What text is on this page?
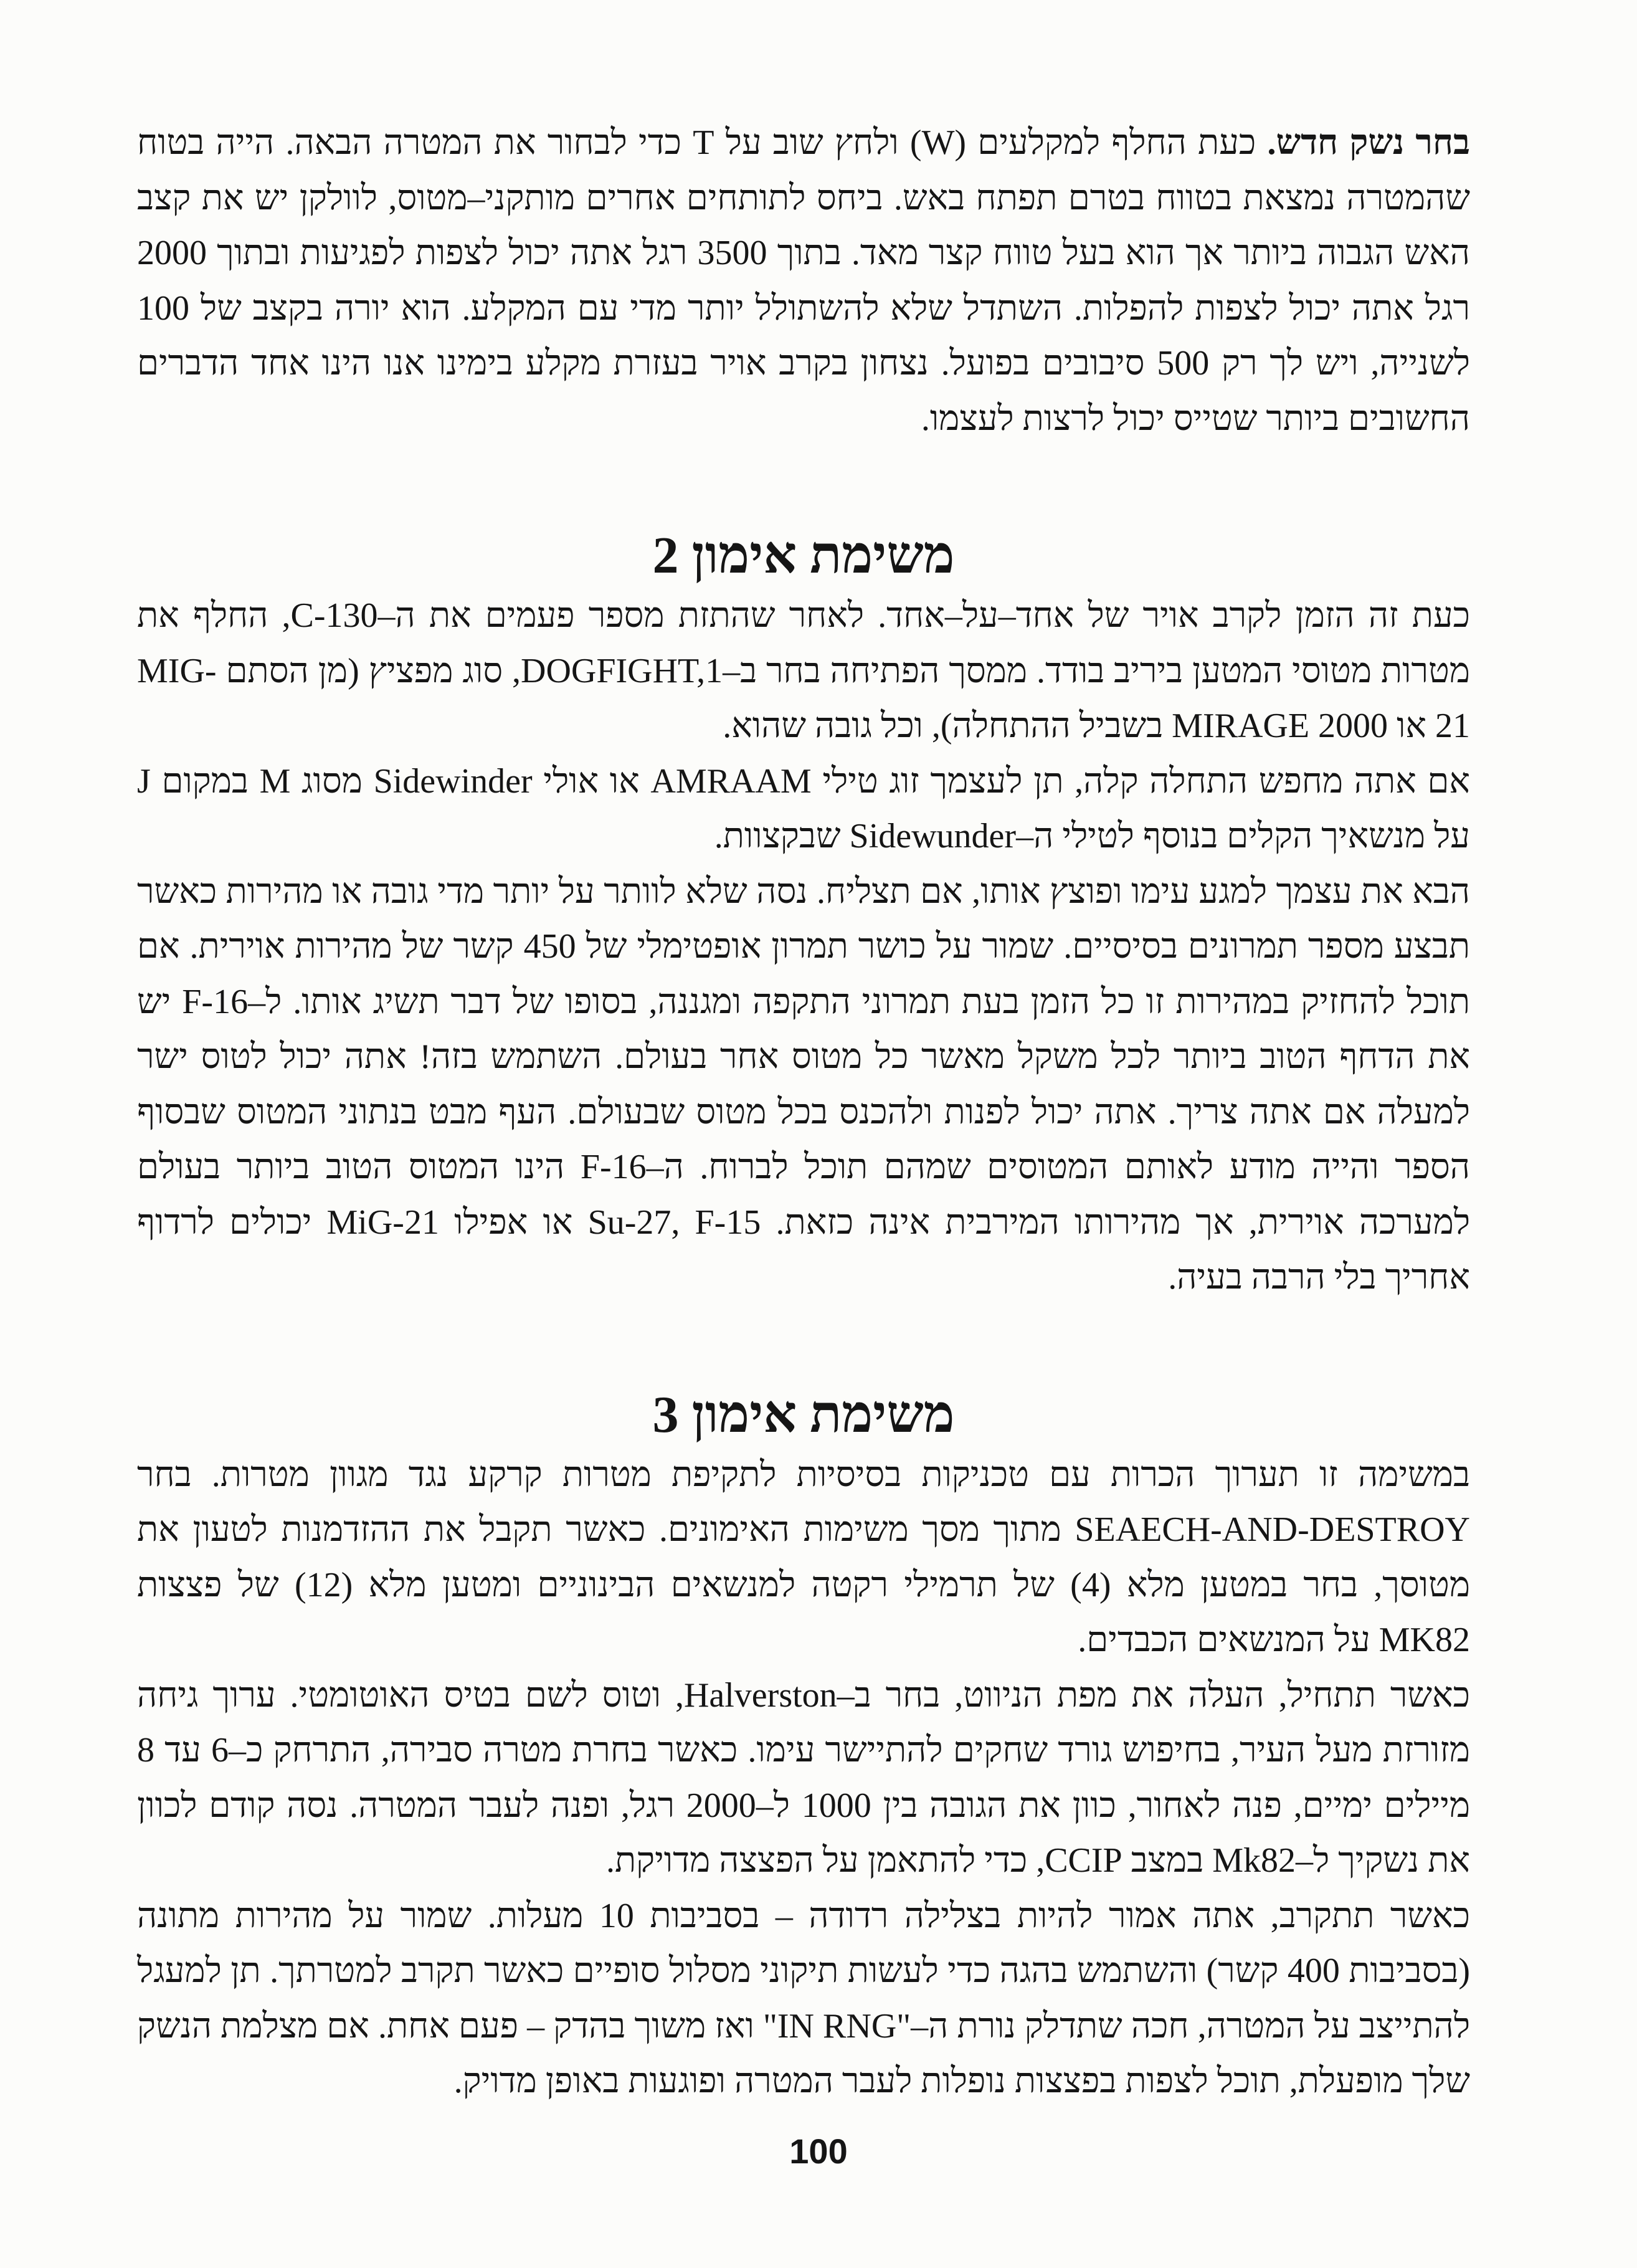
בחר נשק חדש. כעת החלף למקלעים (W) ולחץ שוב על T כדי לבחור את המטרה הבאה. הייה בטוח שהמטרה נמצאת בטווח בטרם תפתח באש. ביחס לתותחים אחרים מותקני–מטוס, לוולקן יש את קצב האש הגבוה ביותר אך הוא בעל טווח קצר מאד. בתוך 3500 רגל אתה יכול לצפות לפגיעות ובתוך 2000 רגל אתה יכול לצפות להפלות. השתדל שלא להשתולל יותר מדי עם המקלע. הוא יורה בקצב של 100 לשנייה, ויש לך רק 500 סיבובים בפועל. נצחון בקרב אויר בעזרת מקלע בימינו אנו הינו אחד הדברים החשובים ביותר שטייס יכול לרצות לעצמו.

משימת אימון 2

כעת זה הזמן לקרב אויר של אחד–על–אחד. לאחר שהתזת מספר פעמים את ה–C-130, החלף את מטרות מטוסי המטען ביריב בודד. ממסך הפתיחה בחר ב–DOGFIGHT,1, סוג מפציץ (מן הסתם MIG-21 או MIRAGE 2000 בשביל ההתחלה), וכל גובה שהוא.

אם אתה מחפש התחלה קלה, תן לעצמך זוג טילי AMRAAM או אולי Sidewinder מסוג M במקום J על מנשאיך הקלים בנוסף לטילי ה–Sidewunder שבקצוות.

הבא את עצמך למגע עימו ופוצץ אותו, אם תצליח. נסה שלא לוותר על יותר מדי גובה או מהירות כאשר תבצע מספר תמרונים בסיסיים. שמור על כושר תמרון אופטימלי של 450 קשר של מהירות אוירית. אם תוכל להחזיק במהירות זו כל הזמן בעת תמרוני התקפה ומגננה, בסופו של דבר תשיג אותו. ל–F-16 יש את הדחף הטוב ביותר לכל משקל מאשר כל מטוס אחר בעולם. השתמש בזה! אתה יכול לטוס ישר למעלה אם אתה צריך. אתה יכול לפנות ולהכנס בכל מטוס שבעולם. העף מבט בנתוני המטוס שבסוף הספר והייה מודע לאותם המטוסים שמהם תוכל לברוח. ה–F-16 הינו המטוס הטוב ביותר בעולם למערכה אוירית, אך מהירותו המירבית אינה כזאת. Su-27, F-15 או אפילו MiG-21 יכולים לרדוף אחריך בלי הרבה בעיה.

משימת אימון 3

במשימה זו תערוך הכרות עם טכניקות בסיסיות לתקיפת מטרות קרקע נגד מגוון מטרות. בחר SEAECH-AND-DESTROY מתוך מסך משימות האימונים. כאשר תקבל את ההזדמנות לטעון את מטוסך, בחר במטען מלא (4) של תרמילי רקטה למנשאים הבינוניים ומטען מלא (12) של פצצות MK82 על המנשאים הכבדים.

כאשר תתחיל, העלה את מפת הניווט, בחר ב–Halverston, וטוס לשם בטיס האוטומטי. ערוך גיחה מזורזת מעל העיר, בחיפוש גורד שחקים להתיישר עימו. כאשר בחרת מטרה סבירה, התרחק כ–6 עד 8 מיילים ימיים, פנה לאחור, כוון את הגובה בין 1000 ל–2000 רגל, ופנה לעבר המטרה. נסה קודם לכוון את נשקיך ל–Mk82 במצב CCIP, כדי להתאמן על הפצצה מדויקת.

כאשר תתקרב, אתה אמור להיות בצלילה רדודה – בסביבות 10 מעלות. שמור על מהירות מתונה (בסביבות 400 קשר) והשתמש בהגה כדי לעשות תיקוני מסלול סופיים כאשר תקרב למטרתך. תן למעגל להתייצב על המטרה, חכה שתדלק נורת ה–"IN RNG" ואז משוך בהדק – פעם אחת. אם מצלמת הנשק שלך מופעלת, תוכל לצפות בפצצות נופלות לעבר המטרה ופוגעות באופן מדויק.

100
